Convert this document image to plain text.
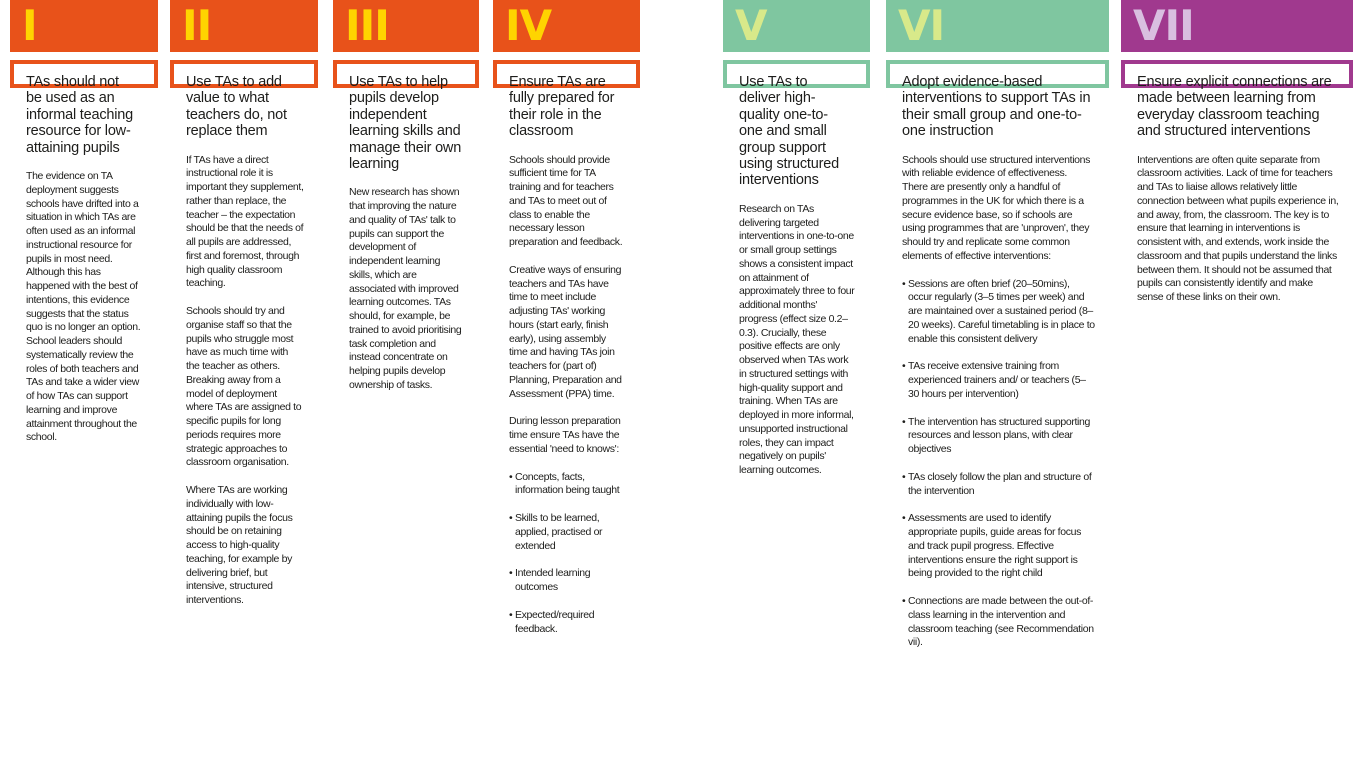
I
TAs should not be used as an informal teaching resource for low-attaining pupils

The evidence on TA deployment suggests schools have drifted into a situation in which TAs are often used as an informal instructional resource for pupils in most need. Although this has happened with the best of intentions, this evidence suggests that the status quo is no longer an option. School leaders should systematically review the roles of both teachers and TAs and take a wider view of how TAs can support learning and improve attainment throughout the school.

II
Use TAs to add value to what teachers do, not replace them

If TAs have a direct instructional role it is important they supplement, rather than replace, the teacher – the expectation should be that the needs of all pupils are addressed, first and foremost, through high quality classroom teaching.

Schools should try and organise staff so that the pupils who struggle most have as much time with the teacher as others. Breaking away from a model of deployment where TAs are assigned to specific pupils for long periods requires more strategic approaches to classroom organisation.

Where TAs are working individually with low-attaining pupils the focus should be on retaining access to high-quality teaching, for example by delivering brief, but intensive, structured interventions.

III
Use TAs to help pupils develop independent learning skills and manage their own learning

New research has shown that improving the nature and quality of TAs' talk to pupils can support the development of independent learning skills, which are associated with improved learning outcomes. TAs should, for example, be trained to avoid prioritising task completion and instead concentrate on helping pupils develop ownership of tasks.

IV
Ensure TAs are fully prepared for their role in the classroom

Schools should provide sufficient time for TA training and for teachers and TAs to meet out of class to enable the necessary lesson preparation and feedback.

Creative ways of ensuring teachers and TAs have time to meet include adjusting TAs' working hours (start early, finish early), using assembly time and having TAs join teachers for (part of) Planning, Preparation and Assessment (PPA) time.

During lesson preparation time ensure TAs have the essential 'need to knows':

• Concepts, facts, information being taught
• Skills to be learned, applied, practised or extended
• Intended learning outcomes
• Expected/required feedback.
V
Use TAs to deliver high-quality one-to-one and small group support using structured interventions

Research on TAs delivering targeted interventions in one-to-one or small group settings shows a consistent impact on attainment of approximately three to four additional months' progress (effect size 0.2–0.3). Crucially, these positive effects are only observed when TAs work in structured settings with high-quality support and training. When TAs are deployed in more informal, unsupported instructional roles, they can impact negatively on pupils' learning outcomes.

VI
Adopt evidence-based interventions to support TAs in their small group and one-to-one instruction

Schools should use structured interventions with reliable evidence of effectiveness. There are presently only a handful of programmes in the UK for which there is a secure evidence base, so if schools are using programmes that are 'unproven', they should try and replicate some common elements of effective interventions:

• Sessions are often brief (20–50mins), occur regularly (3–5 times per week) and are maintained over a sustained period (8–20 weeks). Careful timetabling is in place to enable this consistent delivery
• TAs receive extensive training from experienced trainers and/ or teachers (5–30 hours per intervention)
• The intervention has structured supporting resources and lesson plans, with clear objectives
• TAs closely follow the plan and structure of the intervention
• Assessments are used to identify appropriate pupils, guide areas for focus and track pupil progress. Effective interventions ensure the right support is being provided to the right child
• Connections are made between the out-of-class learning in the intervention and classroom teaching (see Recommendation vii).
VII
Ensure explicit connections are made between learning from everyday classroom teaching and structured interventions

Interventions are often quite separate from classroom activities. Lack of time for teachers and TAs to liaise allows relatively little connection between what pupils experience in, and away, from, the classroom. The key is to ensure that learning in interventions is consistent with, and extends, work inside the classroom and that pupils understand the links between them. It should not be assumed that pupils can consistently identify and make sense of these links on their own.
